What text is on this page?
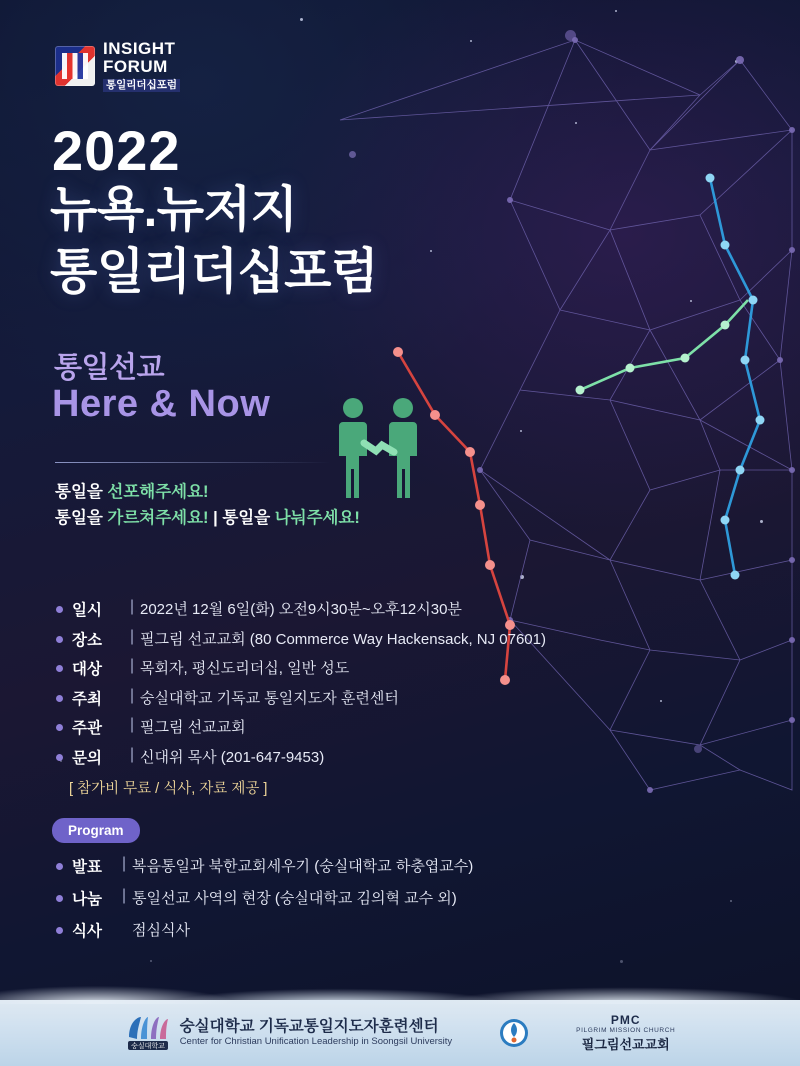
INSIGHT
FORUM
통일리더십포럼
2022
뉴욕.뉴저지
통일리더십포럼
통일선교
Here & Now
통일을 선포해주세요!
통일을 가르쳐주세요! | 통일을 나눠주세요!
일시 | 2022년 12월 6일(화) 오전9시30분~오후12시30분
장소 | 필그림 선교교회 (80 Commerce Way Hackensack, NJ 07601)
대상 | 목회자, 평신도리더십, 일반 성도
주최 | 숭실대학교 기독교 통일지도자 훈련센터
주관 | 필그림 선교교회
문의 | 신대위 목사 (201-647-9453)
[ 참가비 무료 / 식사, 자료 제공 ]
Program
발표 | 복음통일과 북한교회세우기 (숭실대학교 하충엽교수)
나눔 | 통일선교 사역의 현장 (숭실대학교 김의혁 교수 외)
식사 점심식사
숭실대학교
숭실대학교 기독교통일지도자훈련센터
Center for Christian Unification Leadership in Soongsil University
PMC
PILGRIM MISSION CHURCH
필그림선교교회
